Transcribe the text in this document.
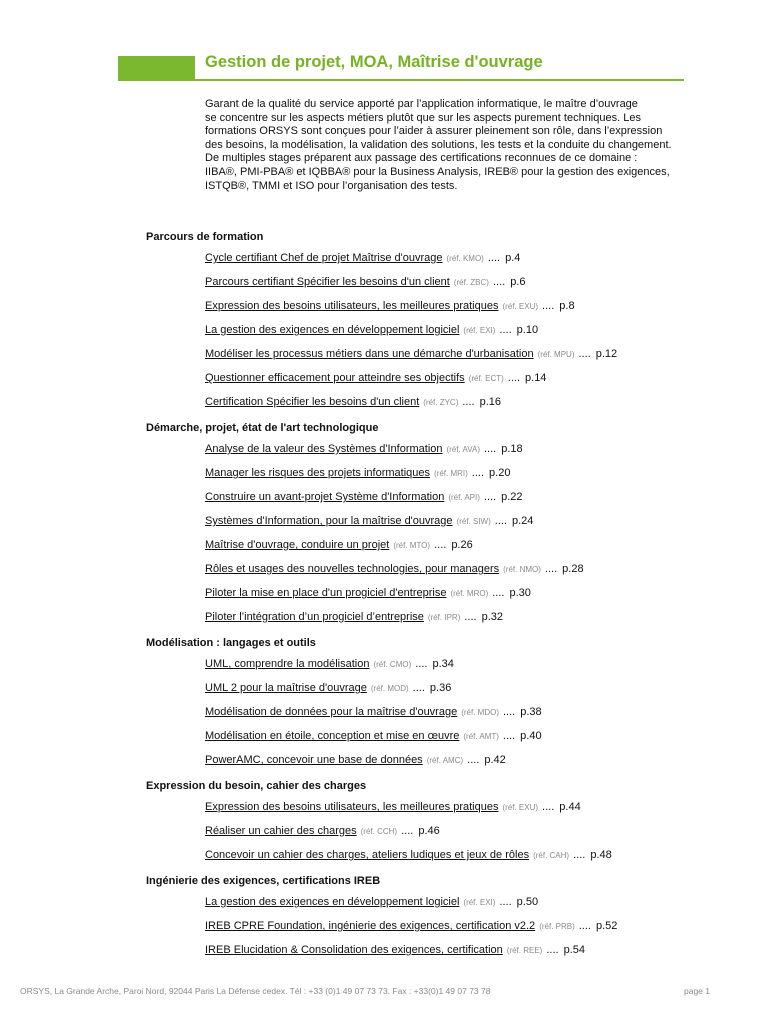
Gestion de projet, MOA, Maîtrise d'ouvrage
Garant de la qualité du service apporté par l’application informatique, le maître d’ouvrage
se concentre sur les aspects métiers plutôt que sur les aspects purement techniques. Les
formations ORSYS sont conçues pour l’aider à assurer pleinement son rôle, dans l’expression
des besoins, la modélisation, la validation des solutions, les tests et la conduite du changement.
De multiples stages préparent aux passage des certifications reconnues de ce domaine :
IIBA®, PMI-PBA® et IQBBA® pour la Business Analysis, IREB® pour la gestion des exigences,
ISTQB®, TMMI et ISO pour l’organisation des tests.
Parcours de formation
Cycle certifiant Chef de projet Maîtrise d'ouvrage (réf. KMO) .... p.4
Parcours certifiant Spécifier les besoins d'un client (réf. ZBC) .... p.6
Expression des besoins utilisateurs, les meilleures pratiques (réf. EXU) .... p.8
La gestion des exigences en développement logiciel (réf. EXI) .... p.10
Modéliser les processus métiers dans une démarche d'urbanisation (réf. MPU) .... p.12
Questionner efficacement pour atteindre ses objectifs (réf. ECT) .... p.14
Certification Spécifier les besoins d'un client (réf. ZYC) .... p.16
Démarche, projet, état de l'art technologique
Analyse de la valeur des Systèmes d'Information (réf. AVA) .... p.18
Manager les risques des projets informatiques (réf. MRI) .... p.20
Construire un avant-projet Système d'Information (réf. API) .... p.22
Systèmes d'Information, pour la maîtrise d'ouvrage (réf. SIW) .... p.24
Maîtrise d'ouvrage, conduire un projet (réf. MTO) .... p.26
Rôles et usages des nouvelles technologies, pour managers (réf. NMO) .... p.28
Piloter la mise en place d'un progiciel d'entreprise (réf. MRO) .... p.30
Piloter l’intégration d’un progiciel d’entreprise (réf. IPR) .... p.32
Modélisation : langages et outils
UML, comprendre la modélisation (réf. CMO) .... p.34
UML 2 pour la maîtrise d'ouvrage (réf. MOD) .... p.36
Modélisation de données pour la maîtrise d'ouvrage (réf. MDO) .... p.38
Modélisation en étoile, conception et mise en œuvre (réf. AMT) .... p.40
PowerAMC, concevoir une base de données (réf. AMC) .... p.42
Expression du besoin, cahier des charges
Expression des besoins utilisateurs, les meilleures pratiques (réf. EXU) .... p.44
Réaliser un cahier des charges (réf. CCH) .... p.46
Concevoir un cahier des charges, ateliers ludiques et jeux de rôles (réf. CAH) .... p.48
Ingénierie des exigences, certifications IREB
La gestion des exigences en développement logiciel (réf. EXI) .... p.50
IREB CPRE Foundation, ingénierie des exigences, certification v2.2 (réf. PRB) .... p.52
IREB Elucidation & Consolidation des exigences, certification (réf. REE) .... p.54
ORSYS, La Grande Arche, Paroi Nord, 92044 Paris La Défense cedex. Tél : +33 (0)1 49 07 73 73. Fax : +33(0)1 49 07 73 78	page 1
